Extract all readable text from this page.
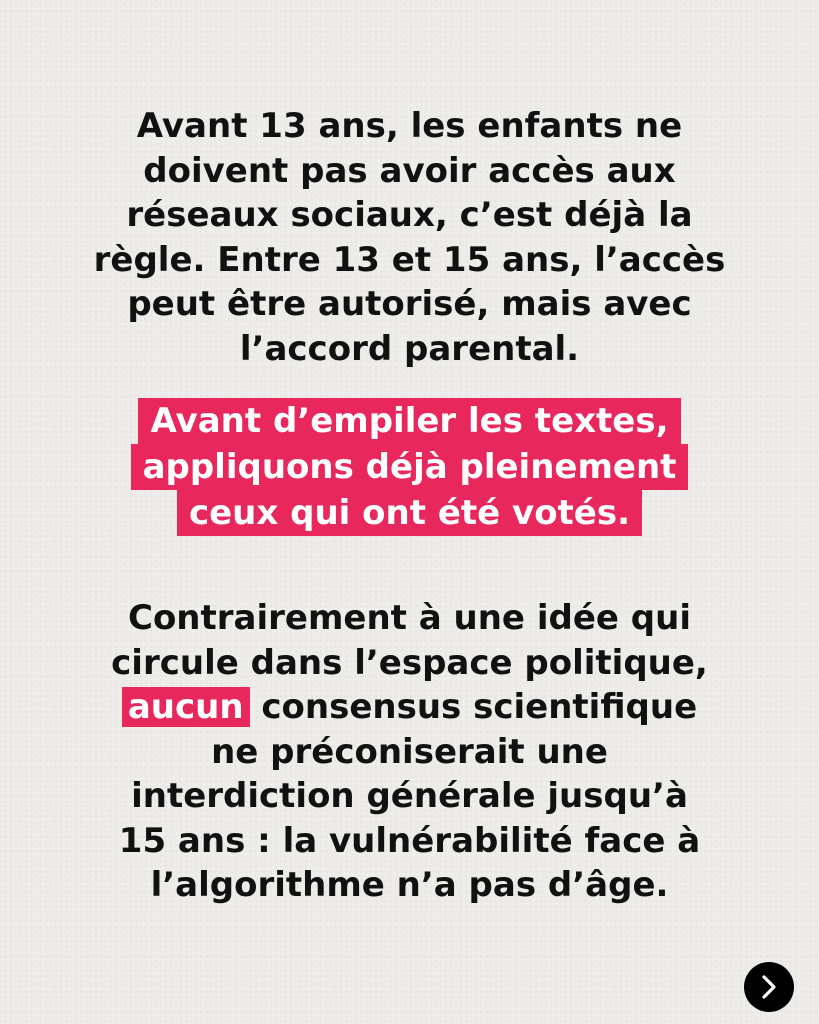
Avant 13 ans, les enfants ne
doivent pas avoir accès aux
réseaux sociaux, c’est déjà la
règle. Entre 13 et 15 ans, l’accès
peut être autorisé, mais avec
l’accord parental.
Avant d’empiler les textes,
appliquons déjà pleinement
ceux qui ont été votés.
Contrairement à une idée qui
circule dans l’espace politique,
aucun consensus scientifique
ne préconiserait une
interdiction générale jusqu’à
15 ans : la vulnérabilité face à
l’algorithme n’a pas d’âge.
